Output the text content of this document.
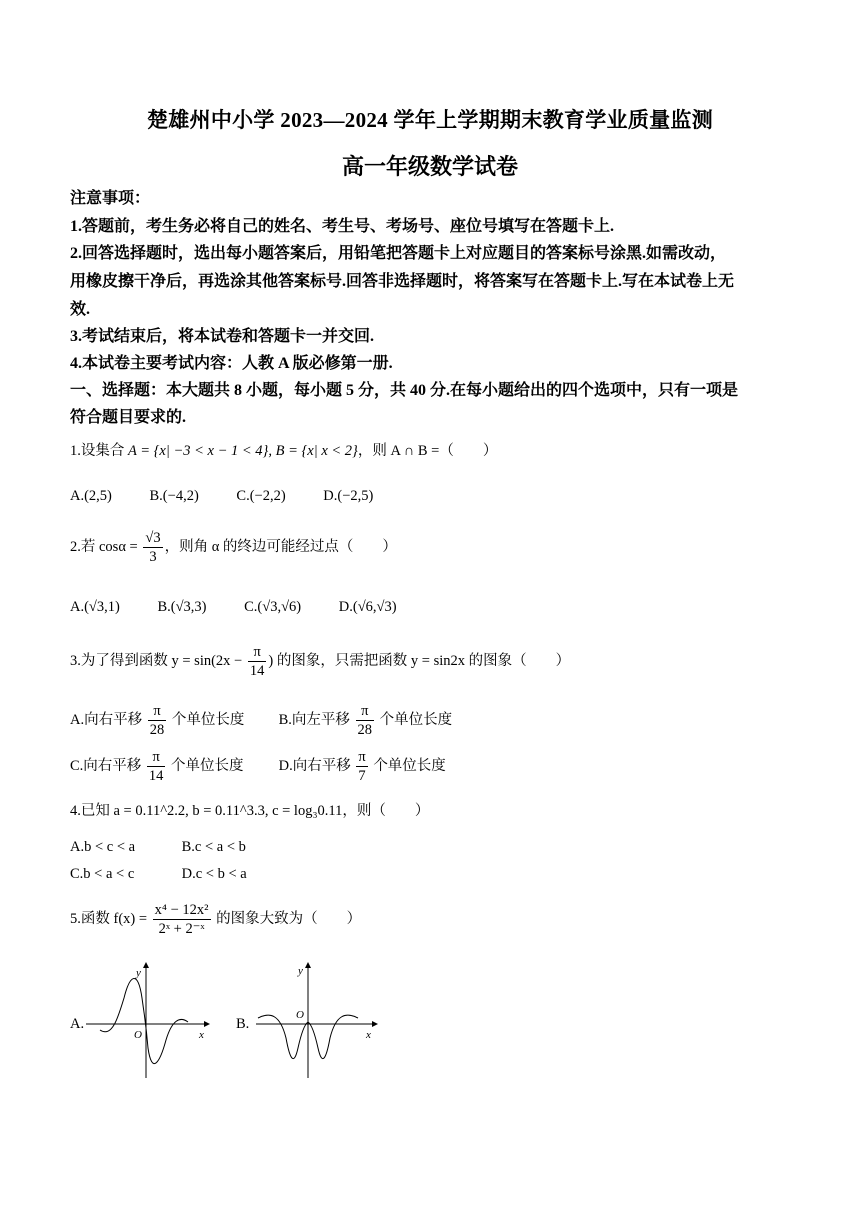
楚雄州中小学 2023—2024 学年上学期期末教育学业质量监测
高一年级数学试卷
注意事项：
1.答题前，考生务必将自己的姓名、考生号、考场号、座位号填写在答题卡上.
2.回答选择题时，选出每小题答案后，用铅笔把答题卡上对应题目的答案标号涂黑.如需改动，
用橡皮擦干净后，再选涂其他答案标号.回答非选择题时，将答案写在答题卡上.写在本试卷上无
效.
3.考试结束后，将本试卷和答题卡一并交回.
4.本试卷主要考试内容：人教 A 版必修第一册.
一、选择题：本大题共 8 小题，每小题 5 分，共 40 分.在每小题给出的四个选项中，只有一项是
符合题目要求的.
1.设集合 A = {x| −3 < x − 1 < 4}, B = {x| x < 2}，则 A ∩ B =（　　）
A.(2,5)	B.(−4,2)	C.(−2,2)	D.(−2,5)
2.若 $\cos\alpha = \frac{√3}{3}$ ，则角 α 的终边可能经过点（　　）
A.(√3,1)	B.(√3,3)	C.(√3,√6)	D.(√6,√3)
3.为了得到函数 $y = \sin(2x - \frac{\pi}{14}$ ) 的图象，只需把函数 y = sin2x 的图象（　　）
A.向右平移 $\frac{\pi}{28}$ 个单位长度 B.向左平移 $\frac{\pi}{28}$ 个单位长度
C.向右平移 $\frac{\pi}{14}$ 个单位长度 D.向右平移 $\frac{\pi}{7}$ 个单位长度
4.已知 a = 0.11^2.2, b = 0.11^3.3, c = log₃0.11，则（　　）
A.b < c < a	B.c < a < b
C.b < a < c	D.c < b < a
5.函数 $f(x) = \frac{\text{x⁴ − 12x²}}{\text{2ˣ + 2⁻ˣ}}$ 的图象大致为（　　）
A.
y
x
O
B.
y
x
O
